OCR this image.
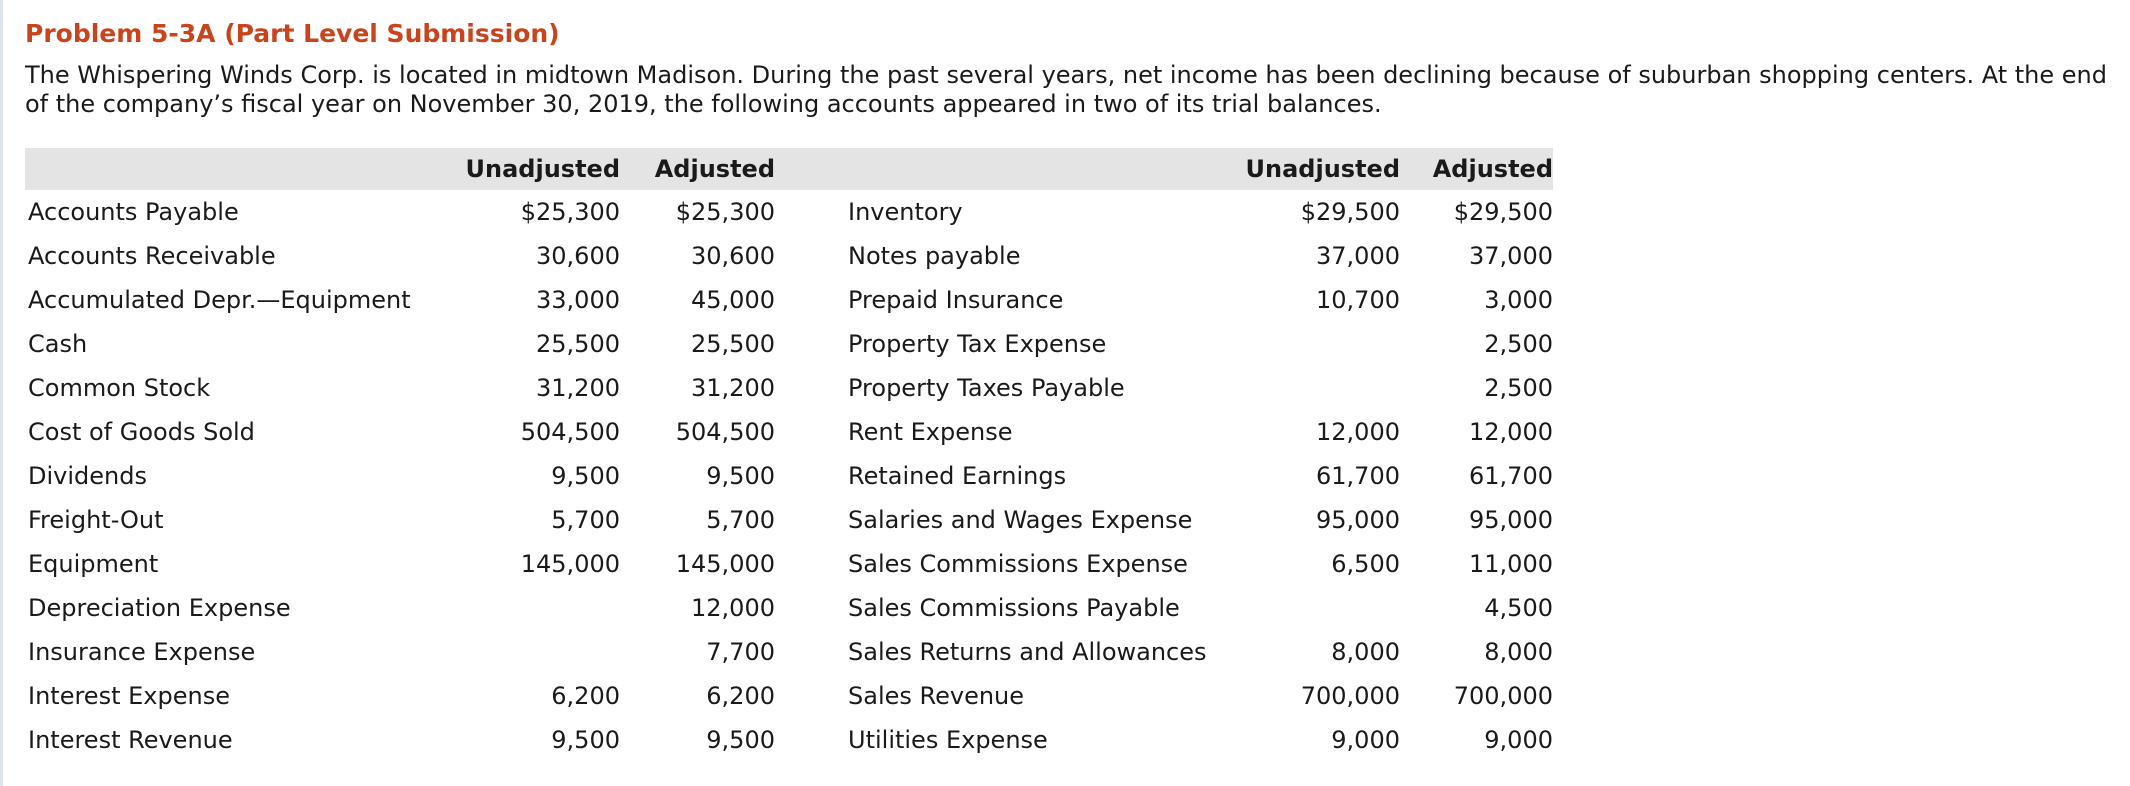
Problem 5-3A (Part Level Submission)

The Whispering Winds Corp. is located in midtown Madison. During the past several years, net income has been declining because of suburban shopping centers. At the end of the company’s fiscal year on November 30, 2019, the following accounts appeared in two of its trial balances.

	Unadjusted	Adjusted			Unadjusted	Adjusted
Accounts Payable	$25,300	$25,300		Inventory	$29,500	$29,500
Accounts Receivable	30,600	30,600		Notes payable	37,000	37,000
Accumulated Depr.—Equipment	33,000	45,000		Prepaid Insurance	10,700	3,000
Cash	25,500	25,500		Property Tax Expense		2,500
Common Stock	31,200	31,200		Property Taxes Payable		2,500
Cost of Goods Sold	504,500	504,500		Rent Expense	12,000	12,000
Dividends	9,500	9,500		Retained Earnings	61,700	61,700
Freight-Out	5,700	5,700		Salaries and Wages Expense	95,000	95,000
Equipment	145,000	145,000		Sales Commissions Expense	6,500	11,000
Depreciation Expense		12,000		Sales Commissions Payable		4,500
Insurance Expense		7,700		Sales Returns and Allowances	8,000	8,000
Interest Expense	6,200	6,200		Sales Revenue	700,000	700,000
Interest Revenue	9,500	9,500		Utilities Expense	9,000	9,000
